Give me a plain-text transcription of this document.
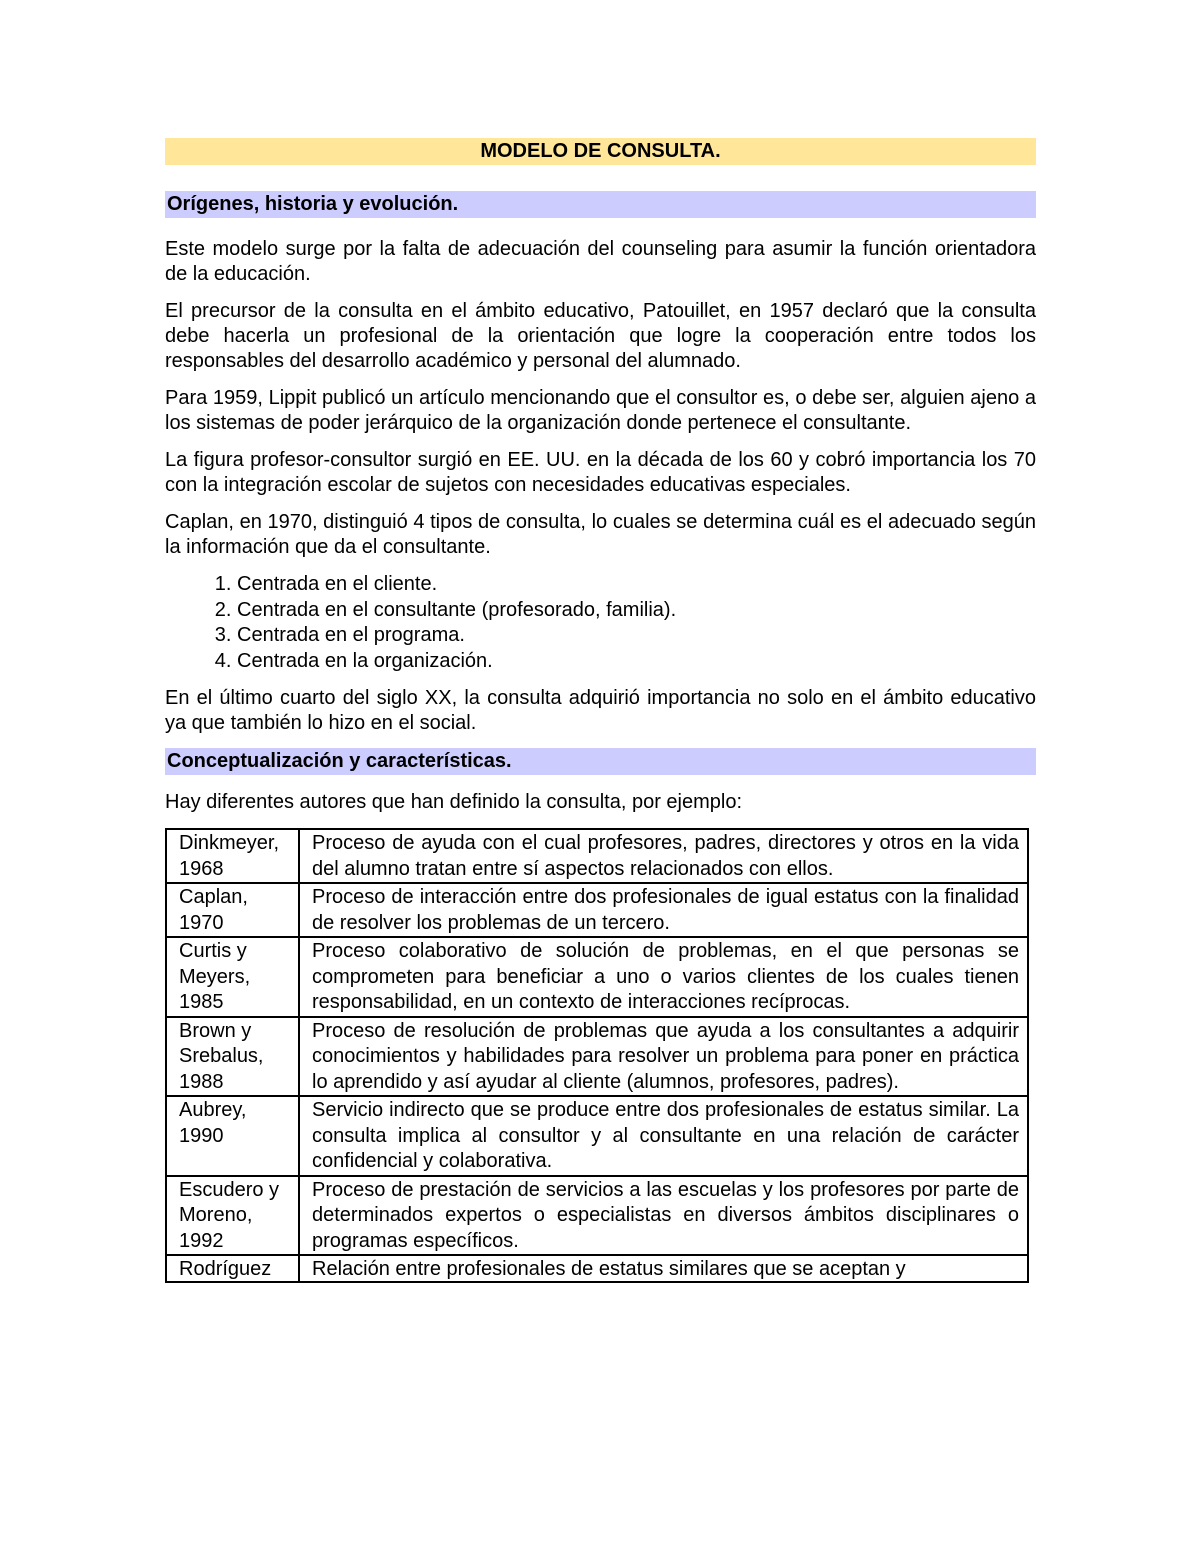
MODELO DE CONSULTA.
Orígenes, historia y evolución.

Este modelo surge por la falta de adecuación del counseling para asumir la función orientadora de la educación.

El precursor de la consulta en el ámbito educativo, Patouillet, en 1957 declaró que la consulta debe hacerla un profesional de la orientación que logre la cooperación entre todos los responsables del desarrollo académico y personal del alumnado.

Para 1959, Lippit publicó un artículo mencionando que el consultor es, o debe ser, alguien ajeno a los sistemas de poder jerárquico de la organización donde pertenece el consultante.

La figura profesor-consultor surgió en EE. UU. en la década de los 60 y cobró importancia los 70 con la integración escolar de sujetos con necesidades educativas especiales.

Caplan, en 1970, distinguió 4 tipos de consulta, lo cuales se determina cuál es el adecuado según la información que da el consultante.

1. Centrada en el cliente.
2. Centrada en el consultante (profesorado, familia).
3. Centrada en el programa.
4. Centrada en la organización.

En el último cuarto del siglo XX, la consulta adquirió importancia no solo en el ámbito educativo ya que también lo hizo en el social.

Conceptualización y características.

Hay diferentes autores que han definido la consulta, por ejemplo:

Dinkmeyer, 1968	Proceso de ayuda con el cual profesores, padres, directores y otros en la vida del alumno tratan entre sí aspectos relacionados con ellos.
Caplan, 1970	Proceso de interacción entre dos profesionales de igual estatus con la finalidad de resolver los problemas de un tercero.
Curtis y Meyers, 1985	Proceso colaborativo de solución de problemas, en el que personas se comprometen para beneficiar a uno o varios clientes de los cuales tienen responsabilidad, en un contexto de interacciones recíprocas.
Brown y Srebalus, 1988	Proceso de resolución de problemas que ayuda a los consultantes a adquirir conocimientos y habilidades para resolver un problema para poner en práctica lo aprendido y así ayudar al cliente (alumnos, profesores, padres).
Aubrey, 1990	Servicio indirecto que se produce entre dos profesionales de estatus similar. La consulta implica al consultor y al consultante en una relación de carácter confidencial y colaborativa.
Escudero y Moreno, 1992	Proceso de prestación de servicios a las escuelas y los profesores por parte de determinados expertos o especialistas en diversos ámbitos disciplinares o programas específicos.

Rodríguez	Relación entre profesionales de estatus similares que se aceptan y
